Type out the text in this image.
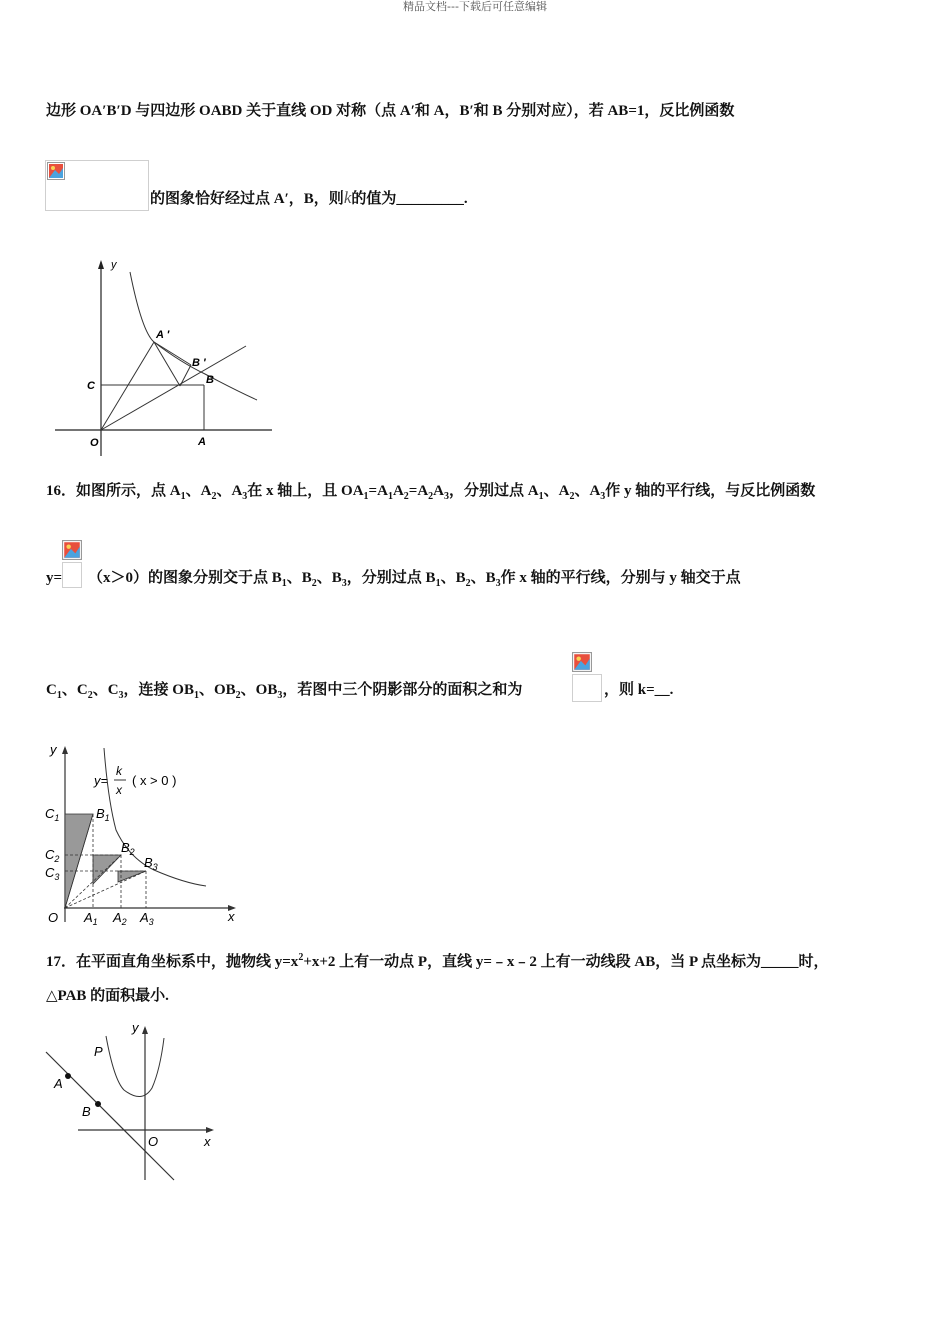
精品文档---下载后可任意编辑
边形 OA′B′D 与四边形 OABD 关于直线 OD 对称（点 A′和 A，B′和 B 分别对应），若 AB=1，反比例函数
的图象恰好经过点 A′，B，则k的值为_________.
y
A ′
B ′
C	B
O	A
16．如图所示，点 $A_1$、$A_2$、$A_3$在 x 轴上，且 $OA_1=A_1A_2=A_2A_3$，分别过点 $A_1$、$A_2$、$A_3$作 y 轴的平行线，与反比例函数
y= （x＞0）的图象分别交于点 $B_1$、$B_2$、$B_3$，分别过点 $B_1$、$B_2$、$B_3$作 x 轴的平行线，分别与 y 轴交于点
$C_1$、$C_2$、$C_3$，连接 $OB_1$、$OB_2$、$OB_3$，若图中三个阴影部分的面积之和为	，则 k=__.
y
x
O
y=
k
x
( x > 0 )
$C_1$
$C_2$
$C_3$
$B_1$
$B_2$
$B_3$
$A_1$ $A_2$ $A_3$
17．在平面直角坐标系中，抛物线 $y=x^2+x+2$ 上有一动点 P，直线 y=﹣x﹣2 上有一动线段 AB，当 P 点坐标为_____时，
△PAB 的面积最小.
y
x
O
P
A
B
